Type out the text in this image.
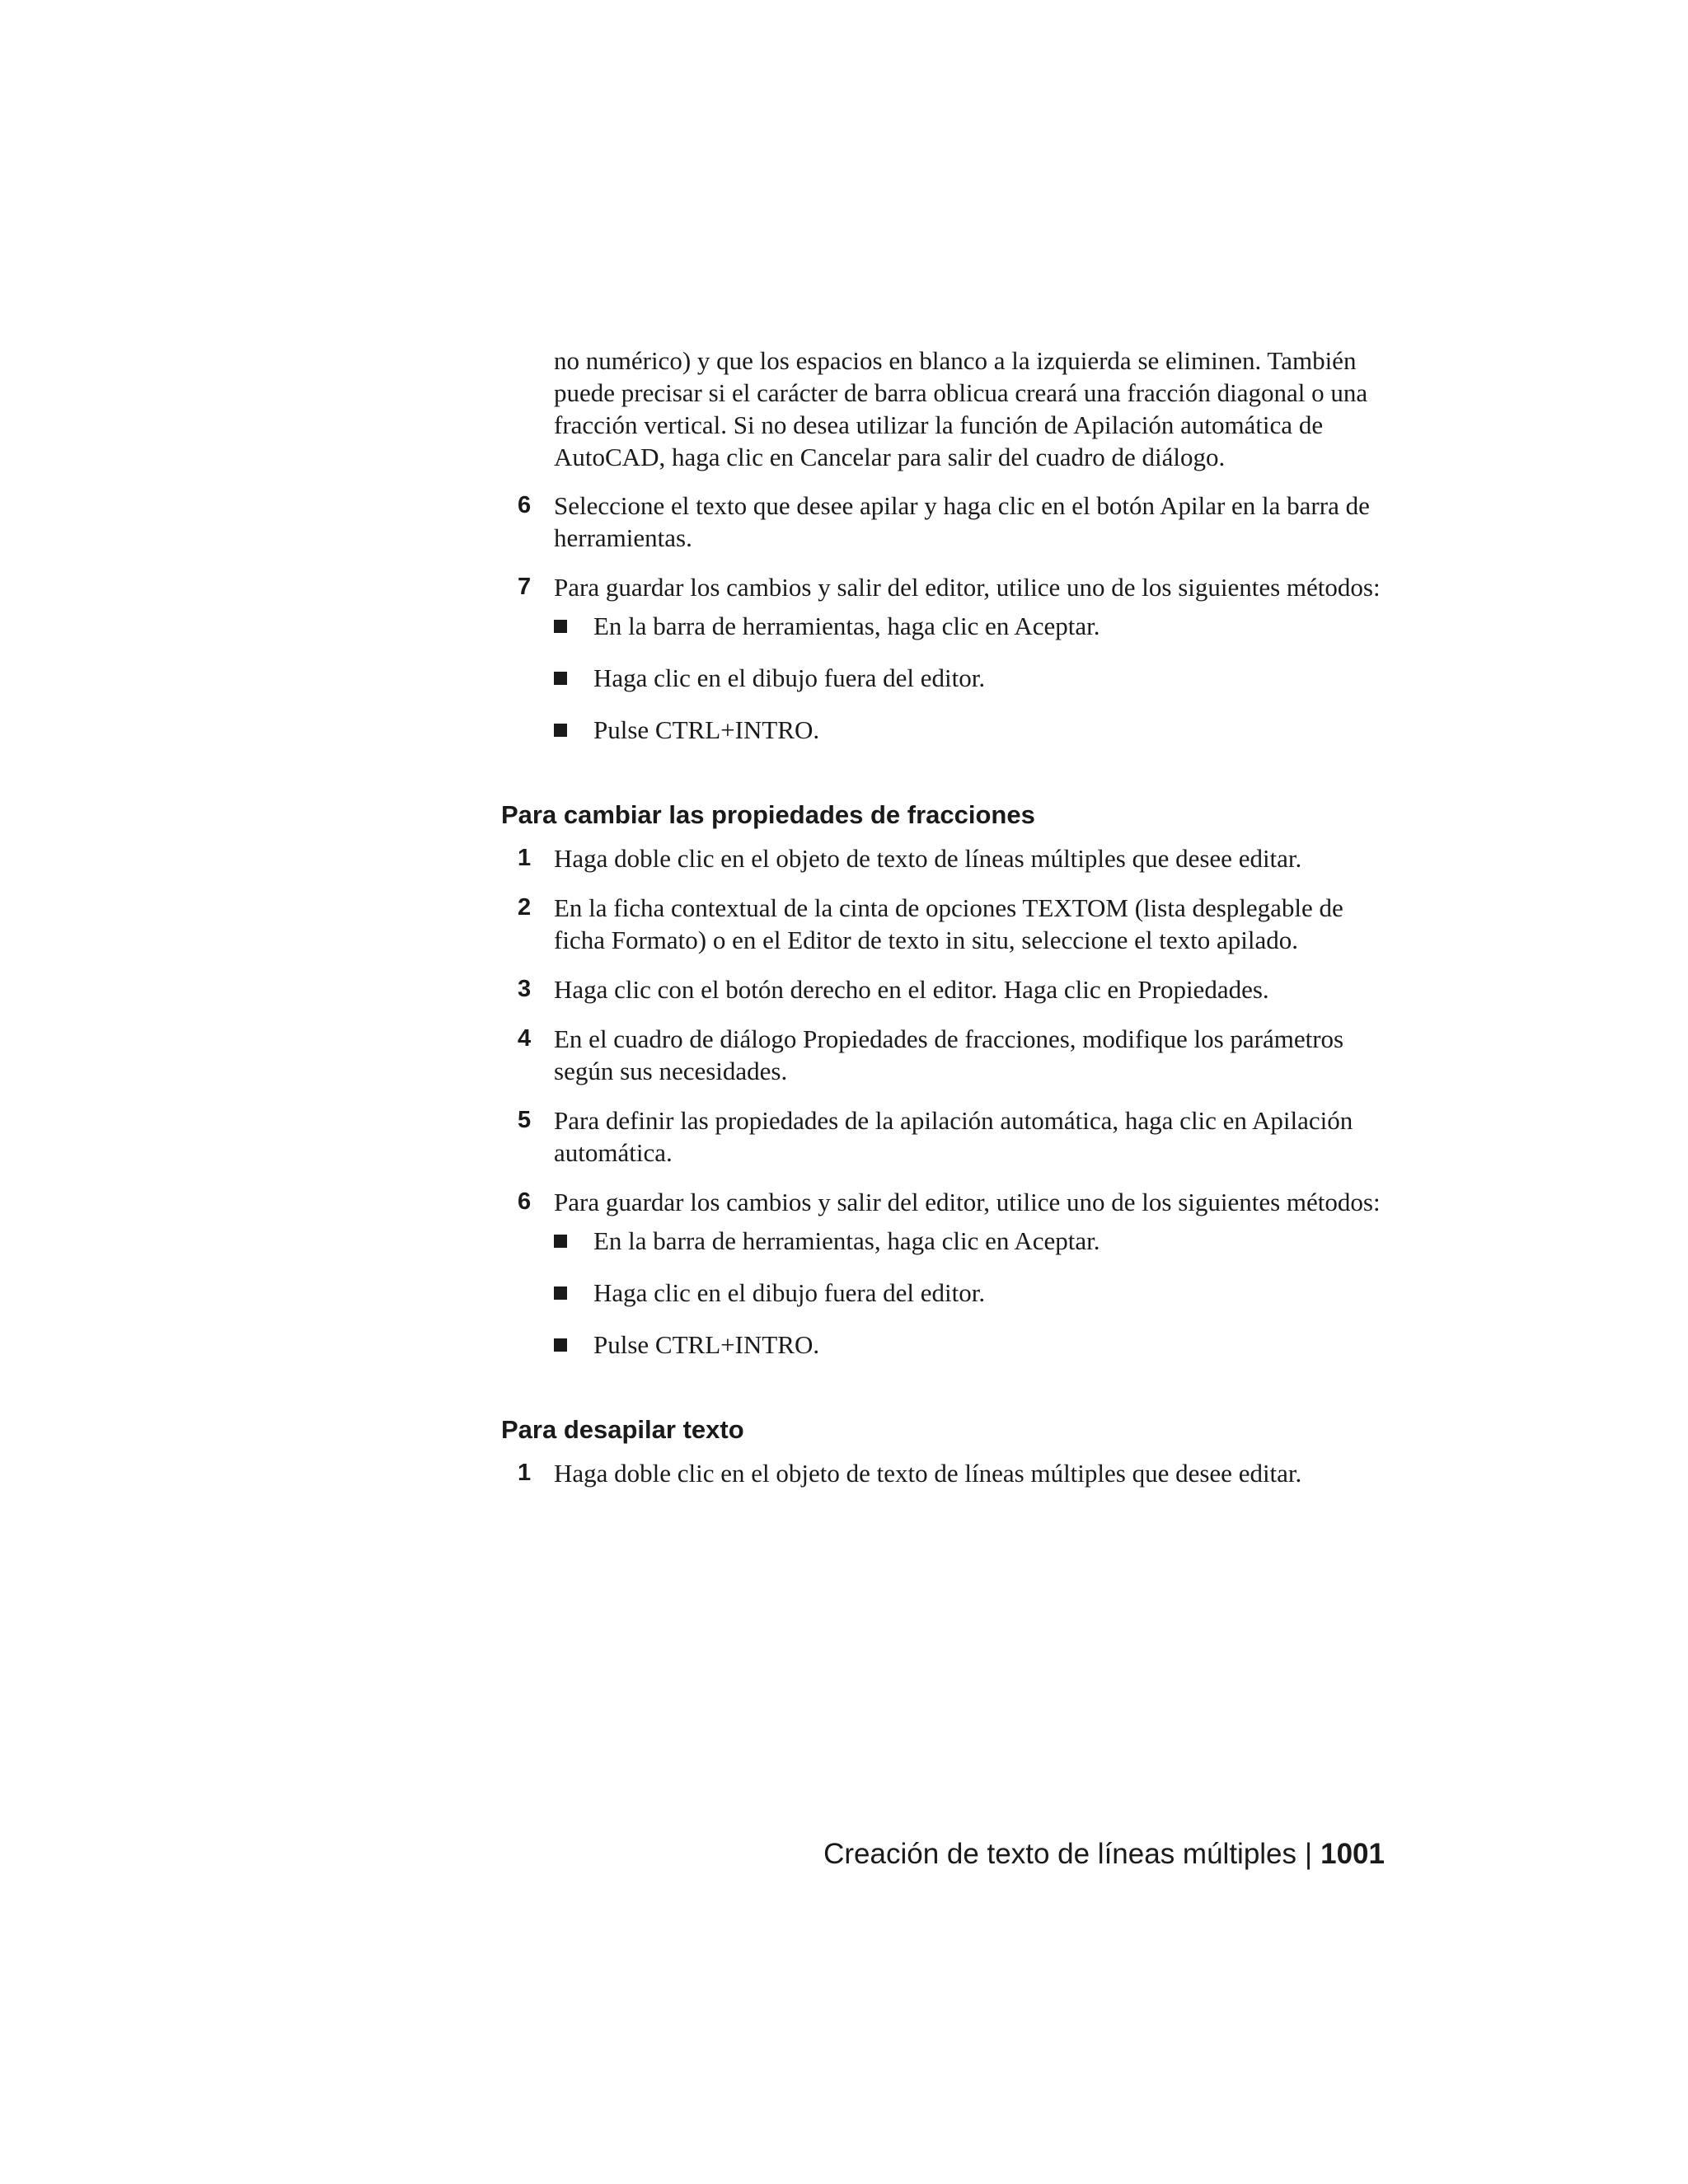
no numérico) y que los espacios en blanco a la izquierda se eliminen. También puede precisar si el carácter de barra oblicua creará una fracción diagonal o una fracción vertical. Si no desea utilizar la función de Apilación automática de AutoCAD, haga clic en Cancelar para salir del cuadro de diálogo.

6 Seleccione el texto que desee apilar y haga clic en el botón Apilar en la barra de herramientas.
7 Para guardar los cambios y salir del editor, utilice uno de los siguientes métodos:
En la barra de herramientas, haga clic en Aceptar.
Haga clic en el dibujo fuera del editor.
Pulse CTRL+INTRO.
Para cambiar las propiedades de fracciones
1 Haga doble clic en el objeto de texto de líneas múltiples que desee editar.
2 En la ficha contextual de la cinta de opciones TEXTOM (lista desplegable de ficha Formato) o en el Editor de texto in situ, seleccione el texto apilado.
3 Haga clic con el botón derecho en el editor. Haga clic en Propiedades.
4 En el cuadro de diálogo Propiedades de fracciones, modifique los parámetros según sus necesidades.
5 Para definir las propiedades de la apilación automática, haga clic en Apilación automática.
6 Para guardar los cambios y salir del editor, utilice uno de los siguientes métodos:
En la barra de herramientas, haga clic en Aceptar.
Haga clic en el dibujo fuera del editor.
Pulse CTRL+INTRO.
Para desapilar texto
1 Haga doble clic en el objeto de texto de líneas múltiples que desee editar.
Creación de texto de líneas múltiples | 1001
